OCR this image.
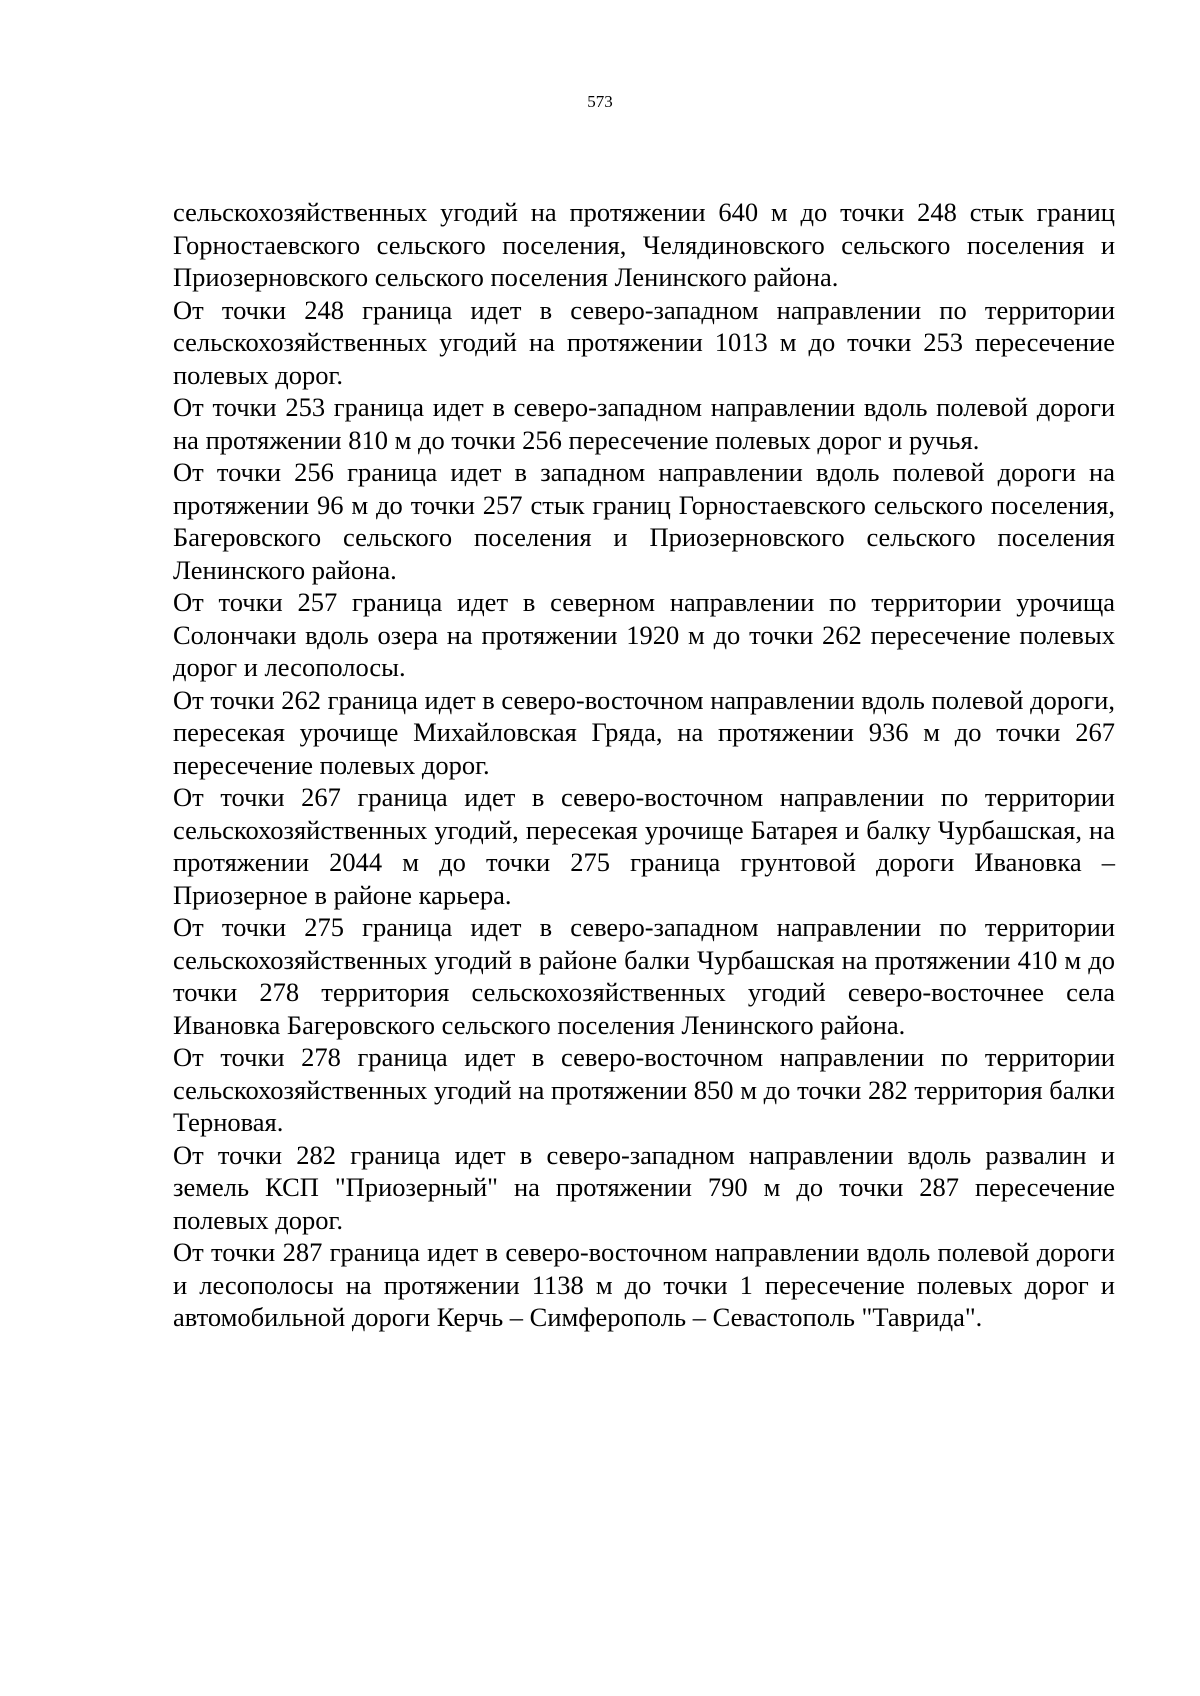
573

сельскохозяйственных угодий на протяжении 640 м до точки 248 стык границ Горностаевского сельского поселения, Челядиновского сельского поселения и Приозерновского сельского поселения Ленинского района.

От точки 248 граница идет в северо-западном направлении по территории сельскохозяйственных угодий на протяжении 1013 м до точки 253 пересечение полевых дорог.

От точки 253 граница идет в северо-западном направлении вдоль полевой дороги на протяжении 810 м до точки 256 пересечение полевых дорог и ручья.

От точки 256 граница идет в западном направлении вдоль полевой дороги на протяжении 96 м до точки 257 стык границ Горностаевского сельского поселения, Багеровского сельского поселения и Приозерновского сельского поселения Ленинского района.

От точки 257 граница идет в северном направлении по территории урочища Солончаки вдоль озера на протяжении 1920 м до точки 262 пересечение полевых дорог и лесополосы.

От точки 262 граница идет в северо-восточном направлении вдоль полевой дороги, пересекая урочище Михайловская Гряда, на протяжении 936 м до точки 267 пересечение полевых дорог.

От точки 267 граница идет в северо-восточном направлении по территории сельскохозяйственных угодий, пересекая урочище Батарея и балку Чурбашская, на протяжении 2044 м до точки 275 граница грунтовой дороги Ивановка – Приозерное в районе карьера.

От точки 275 граница идет в северо-западном направлении по территории сельскохозяйственных угодий в районе балки Чурбашская на протяжении 410 м до точки 278 территория сельскохозяйственных угодий северо-восточнее села Ивановка Багеровского сельского поселения Ленинского района.

От точки 278 граница идет в северо-восточном направлении по территории сельскохозяйственных угодий на протяжении 850 м до точки 282 территория балки Терновая.

От точки 282 граница идет в северо-западном направлении вдоль развалин и земель КСП "Приозерный" на протяжении 790 м до точки 287 пересечение полевых дорог.

От точки 287 граница идет в северо-восточном направлении вдоль полевой дороги и лесополосы на протяжении 1138 м до точки 1 пересечение полевых дорог и автомобильной дороги Керчь – Симферополь – Севастополь "Таврида".
